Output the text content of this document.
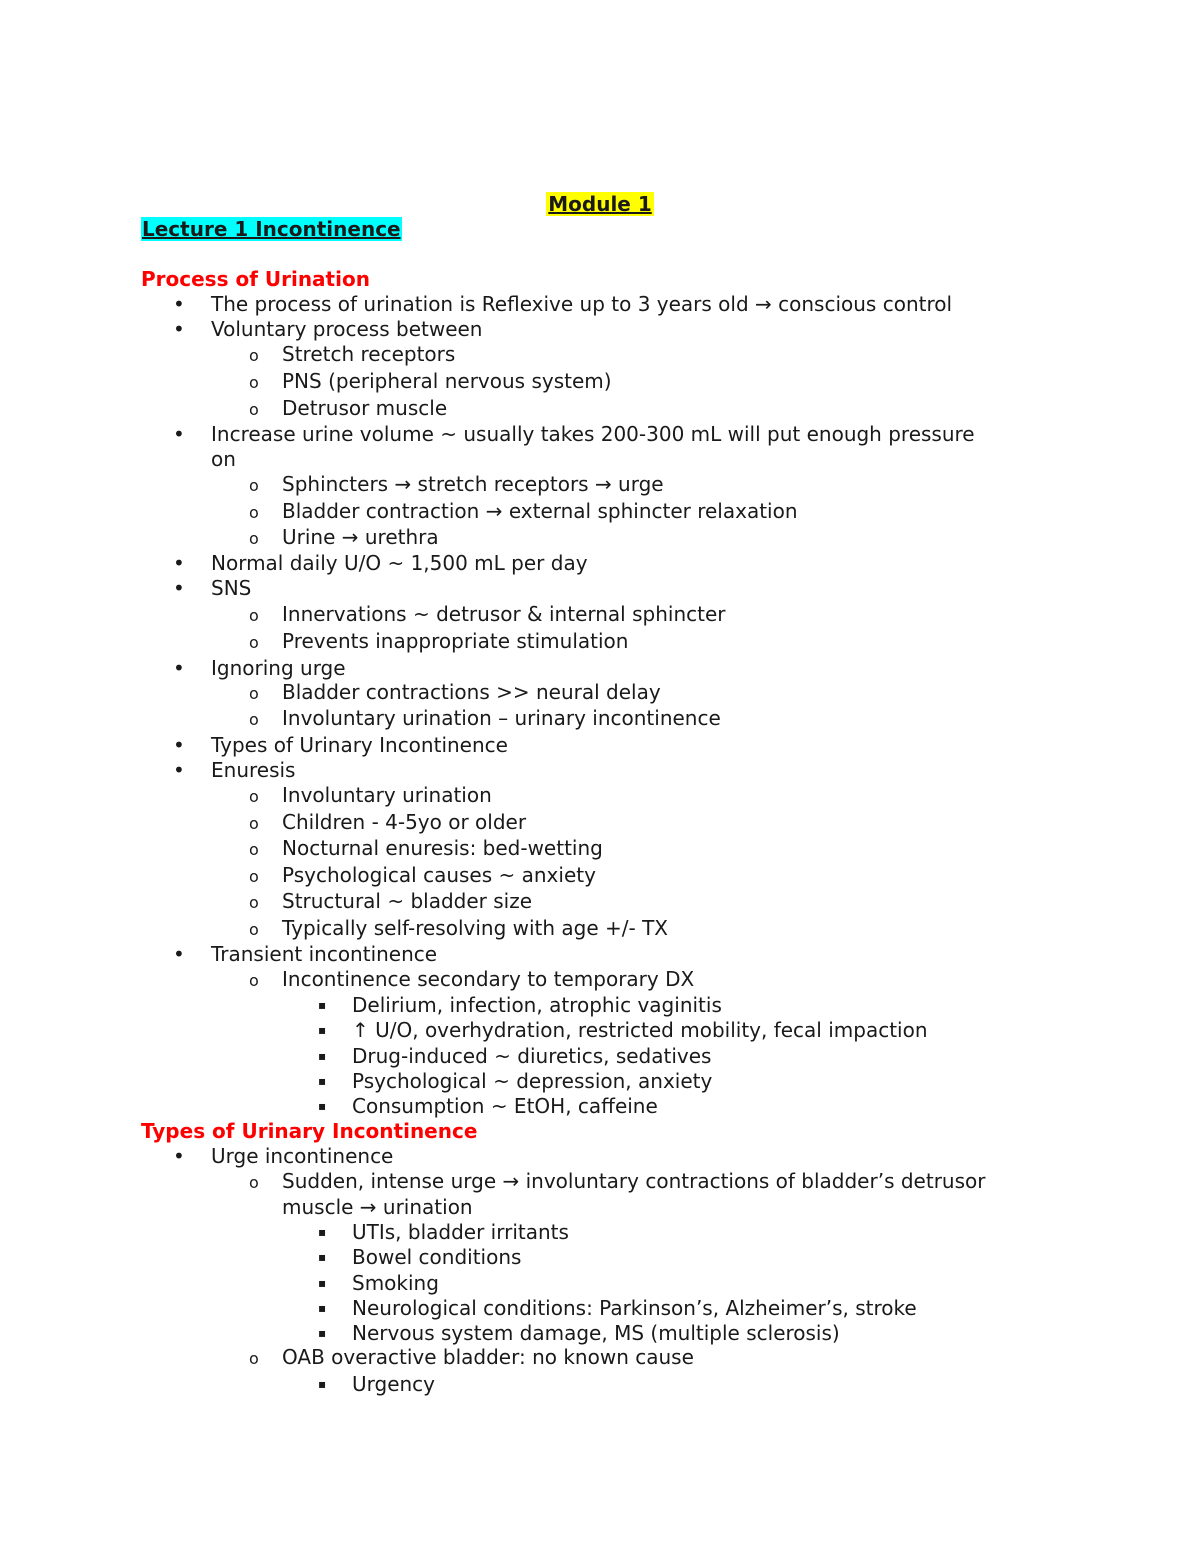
Module 1
Lecture 1 Incontinence
Process of Urination
• The process of urination is Reflexive up to 3 years old → conscious control
• Voluntary process between
o Stretch receptors
o PNS (peripheral nervous system)
o Detrusor muscle
• Increase urine volume ~ usually takes 200-300 mL will put enough pressure
on
o Sphincters → stretch receptors → urge
o Bladder contraction → external sphincter relaxation
o Urine → urethra
• Normal daily U/O ~ 1,500 mL per day
• SNS
o Innervations ~ detrusor & internal sphincter
o Prevents inappropriate stimulation
• Ignoring urge
o Bladder contractions >> neural delay
o Involuntary urination – urinary incontinence
• Types of Urinary Incontinence
• Enuresis
o Involuntary urination
o Children - 4-5yo or older
o Nocturnal enuresis: bed-wetting
o Psychological causes ~ anxiety
o Structural ~ bladder size
o Typically self-resolving with age +/- TX
• Transient incontinence
o Incontinence secondary to temporary DX
▪ Delirium, infection, atrophic vaginitis
▪ ↑ U/O, overhydration, restricted mobility, fecal impaction
▪ Drug-induced ~ diuretics, sedatives
▪ Psychological ~ depression, anxiety
▪ Consumption ~ EtOH, caffeine
Types of Urinary Incontinence
• Urge incontinence
o Sudden, intense urge → involuntary contractions of bladder’s detrusor
muscle → urination
▪ UTIs, bladder irritants
▪ Bowel conditions
▪ Smoking
▪ Neurological conditions: Parkinson’s, Alzheimer’s, stroke
▪ Nervous system damage, MS (multiple sclerosis)
o OAB overactive bladder: no known cause
▪ Urgency
